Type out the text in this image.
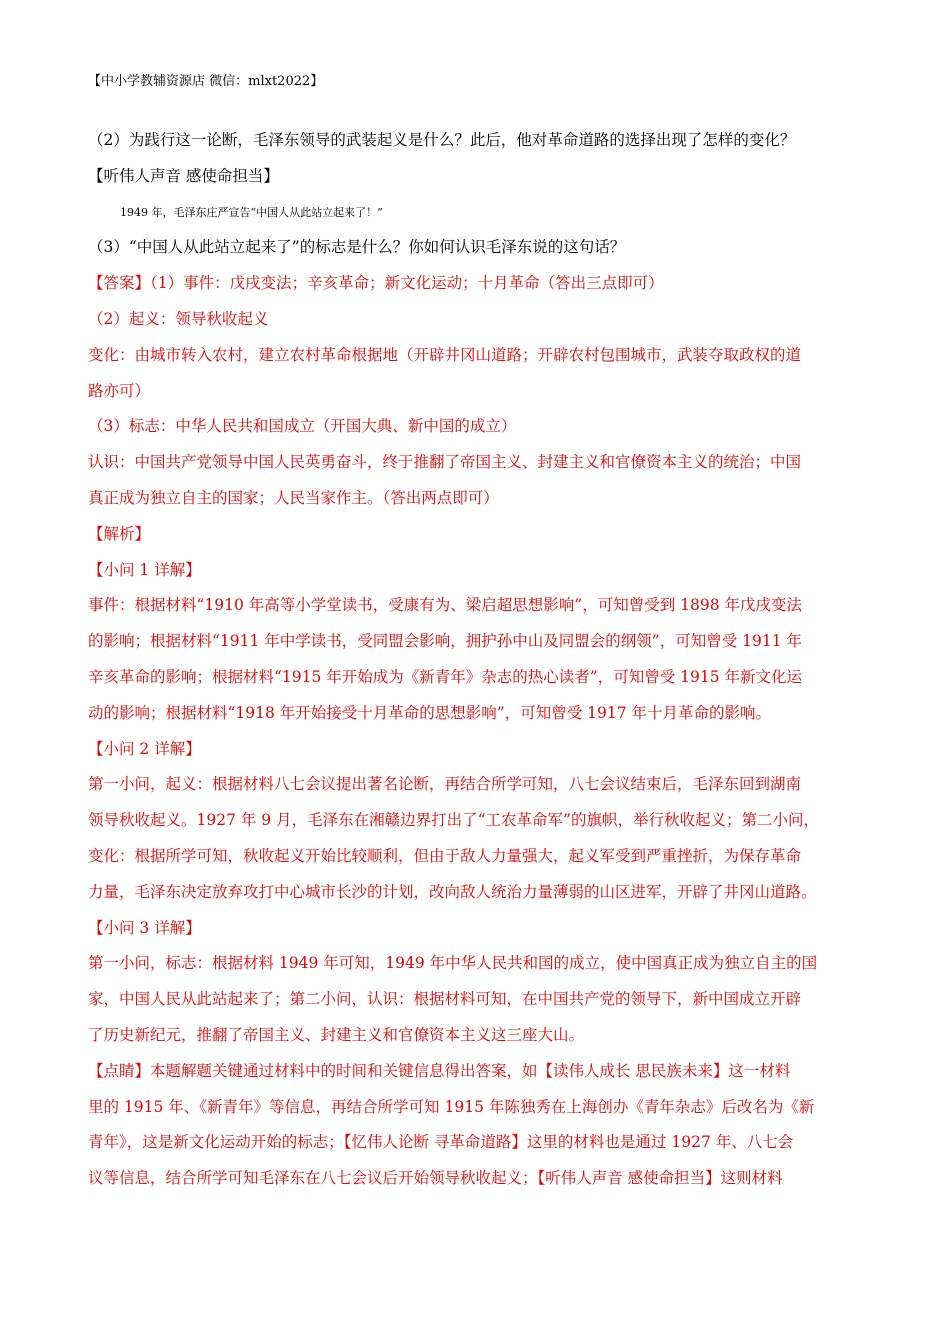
【中小学教辅资源店 微信：mlxt2022】
（2）为践行这一论断，毛泽东领导的武装起义是什么？此后，他对革命道路的选择出现了怎样的变化？
【听伟人声音 感使命担当】
1949 年，毛泽东庄严宣告“中国人从此站立起来了！”
（3）“中国人从此站立起来了”的标志是什么？你如何认识毛泽东说的这句话？
【答案】（1）事件：戊戌变法；辛亥革命；新文化运动；十月革命（答出三点即可）
（2）起义：领导秋收起义
变化：由城市转入农村，建立农村革命根据地（开辟井冈山道路；开辟农村包围城市，武装夺取政权的道
路亦可）
（3）标志：中华人民共和国成立（开国大典、新中国的成立）
认识：中国共产党领导中国人民英勇奋斗，终于推翻了帝国主义、封建主义和官僚资本主义的统治；中国
真正成为独立自主的国家；人民当家作主。（答出两点即可）
【解析】
【小问 1 详解】
事件：根据材料“1910 年高等小学堂读书，受康有为、梁启超思想影响”，可知曾受到 1898 年戊戌变法
的影响；根据材料“1911 年中学读书，受同盟会影响，拥护孙中山及同盟会的纲领”，可知曾受 1911 年
辛亥革命的影响；根据材料“1915 年开始成为《新青年》杂志的热心读者”，可知曾受 1915 年新文化运
动的影响；根据材料“1918 年开始接受十月革命的思想影响”，可知曾受 1917 年十月革命的影响。
【小问 2 详解】
第一小问，起义：根据材料八七会议提出著名论断，再结合所学可知，八七会议结束后，毛泽东回到湖南
领导秋收起义。1927 年 9 月，毛泽东在湘赣边界打出了“工农革命军”的旗帜，举行秋收起义；第二小问，
变化：根据所学可知，秋收起义开始比较顺利，但由于敌人力量强大，起义军受到严重挫折，为保存革命
力量，毛泽东决定放弃攻打中心城市长沙的计划，改向敌人统治力量薄弱的山区进军，开辟了井冈山道路。
【小问 3 详解】
第一小问，标志：根据材料 1949 年可知，1949 年中华人民共和国的成立，使中国真正成为独立自主的国
家，中国人民从此站起来了；第二小问，认识：根据材料可知，在中国共产党的领导下，新中国成立开辟
了历史新纪元，推翻了帝国主义、封建主义和官僚资本主义这三座大山。
【点睛】本题解题关键通过材料中的时间和关键信息得出答案，如【读伟人成长 思民族未来】这一材料
里的 1915 年、《新青年》等信息，再结合所学可知 1915 年陈独秀在上海创办《青年杂志》后改名为《新
青年》，这是新文化运动开始的标志；【忆伟人论断 寻革命道路】这里的材料也是通过 1927 年、八七会
议等信息，结合所学可知毛泽东在八七会议后开始领导秋收起义；【听伟人声音 感使命担当】这则材料
